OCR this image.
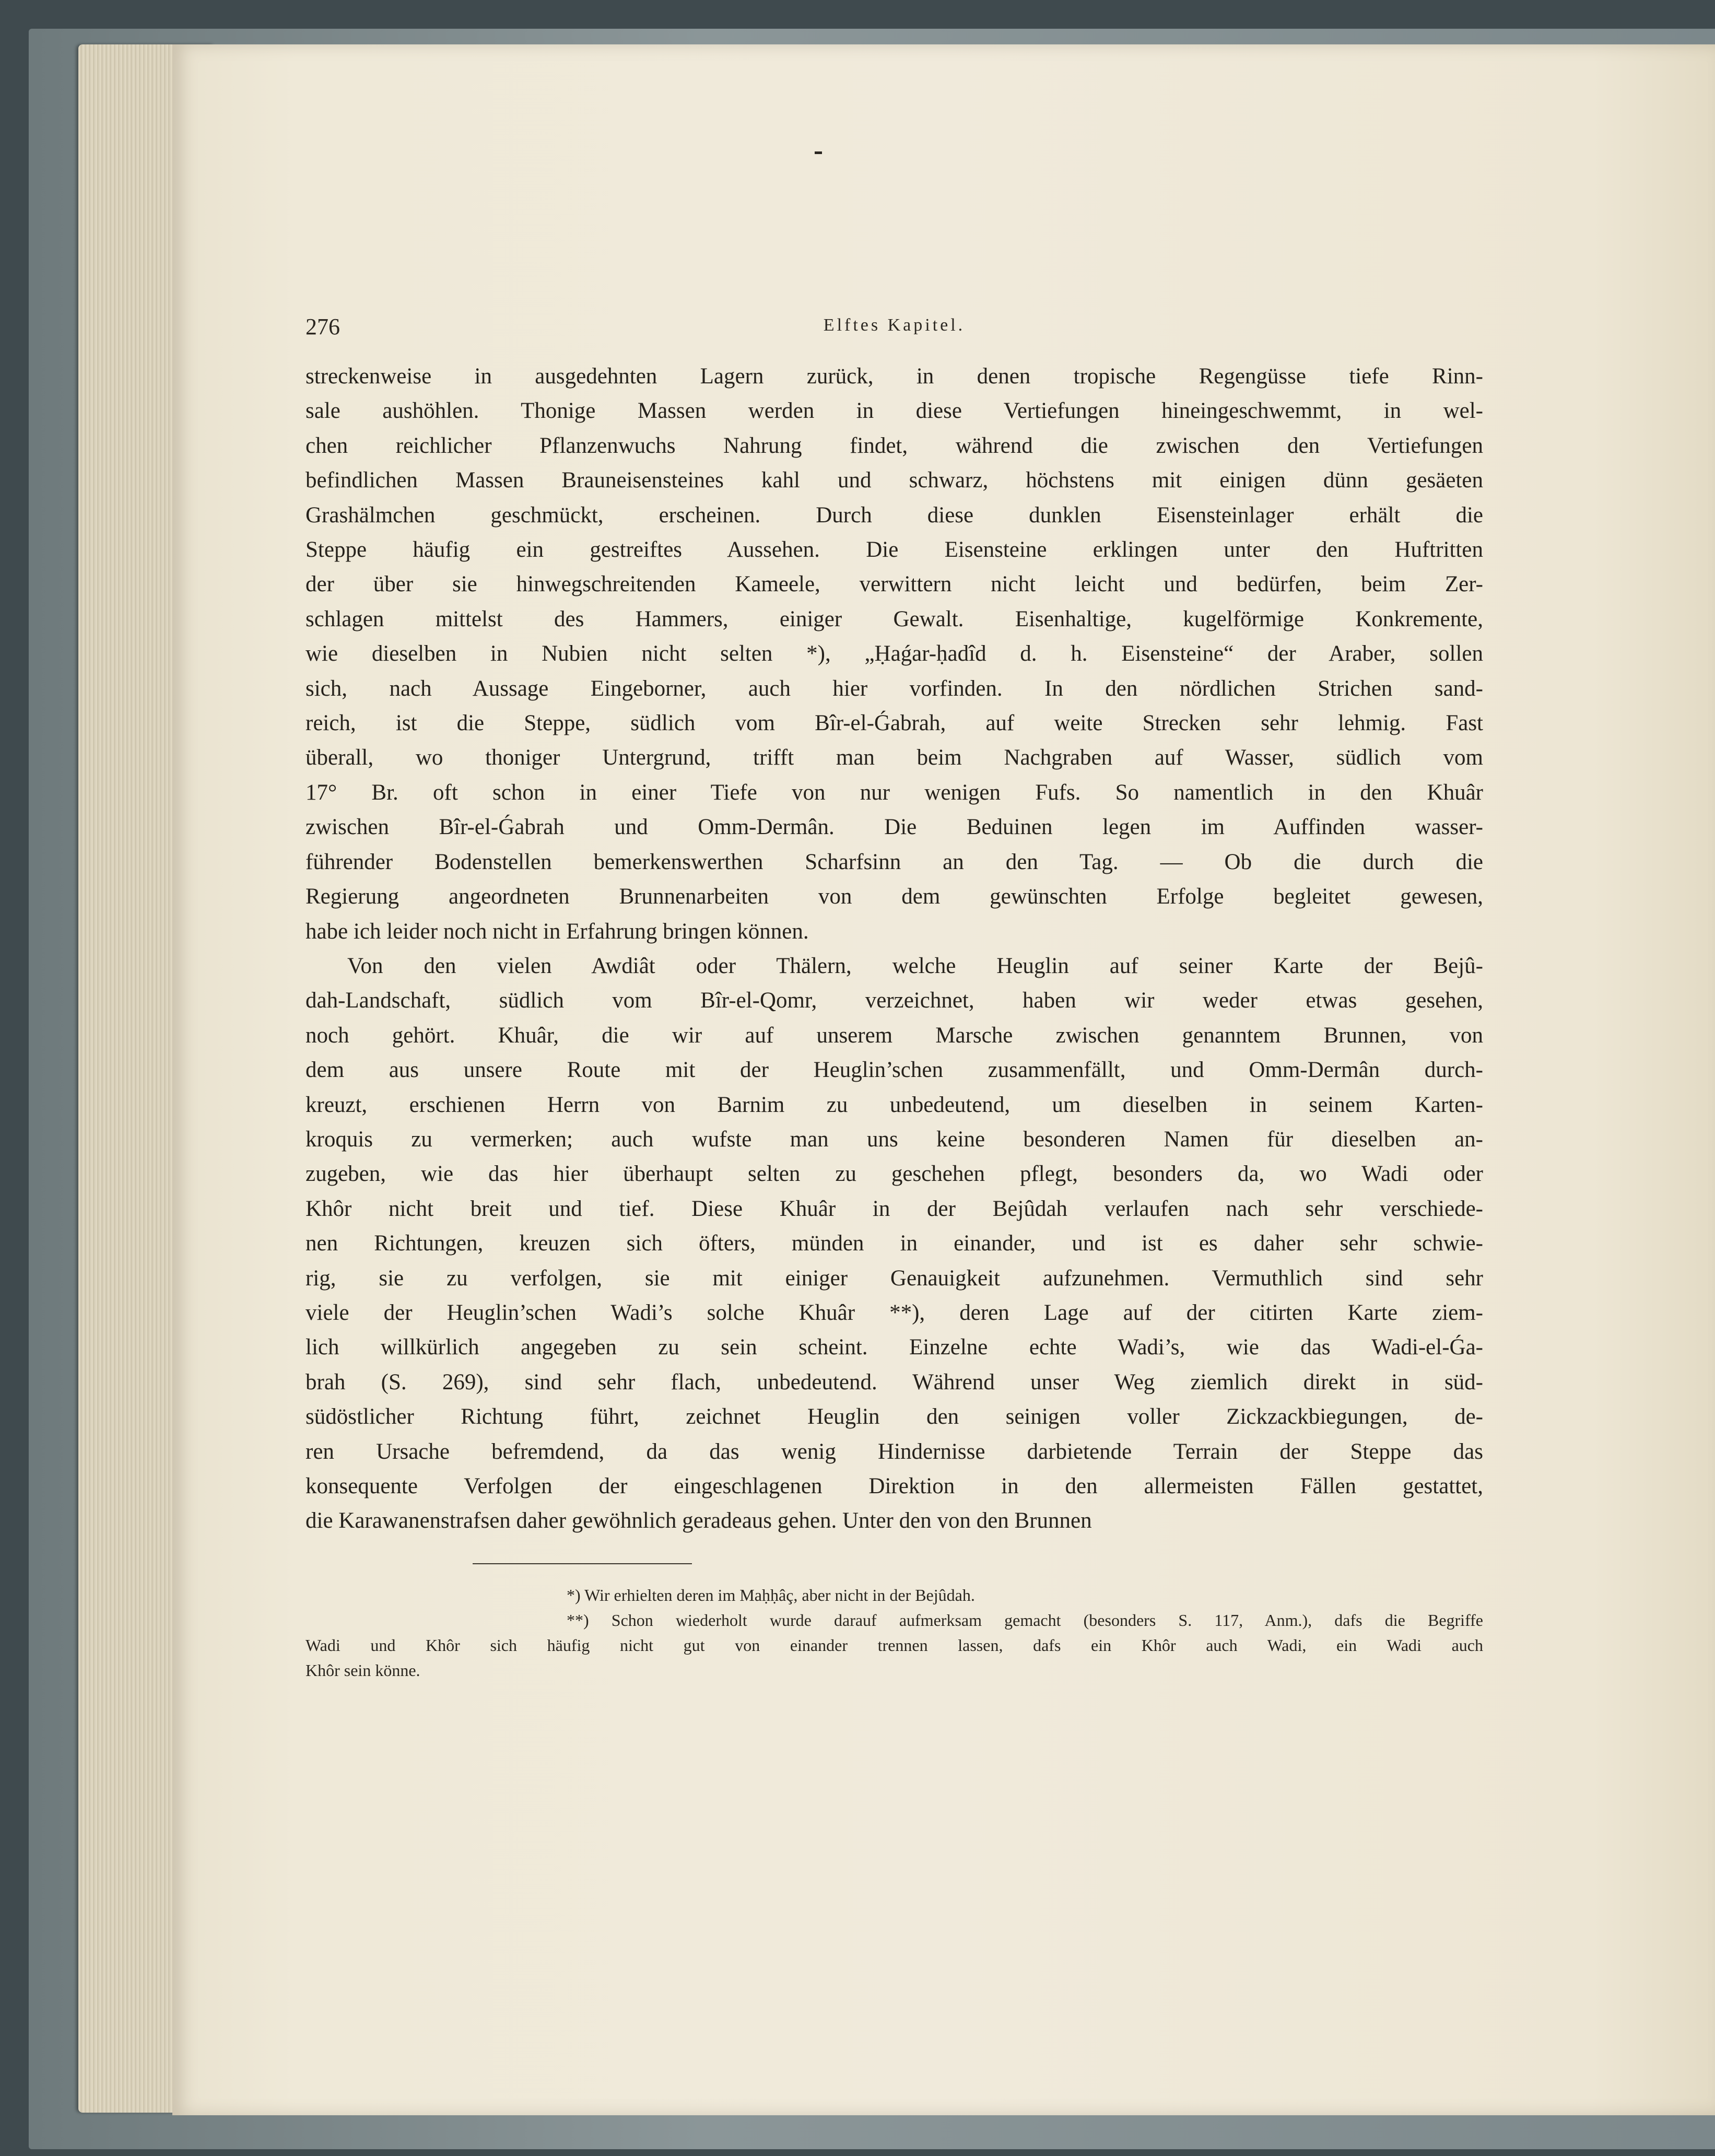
276	Elftes Kapitel.

streckenweise in ausgedehnten Lagern zurück, in denen tropische Regengüsse tiefe Rinn-
sale aushöhlen. Thonige Massen werden in diese Vertiefungen hineingeschwemmt, in wel-
chen reichlicher Pflanzenwuchs Nahrung findet, während die zwischen den Vertiefungen
befindlichen Massen Brauneisensteines kahl und schwarz, höchstens mit einigen dünn gesäeten
Grashälmchen geschmückt, erscheinen. Durch diese dunklen Eisensteinlager erhält die
Steppe häufig ein gestreiftes Aussehen. Die Eisensteine erklingen unter den Huftritten
der über sie hinwegschreitenden Kameele, verwittern nicht leicht und bedürfen, beim Zer-
schlagen mittelst des Hammers, einiger Gewalt. Eisenhaltige, kugelförmige Konkremente,
wie dieselben in Nubien nicht selten *), „Ḥaǵar-ḥadîd d. h. Eisensteine“ der Araber, sollen
sich, nach Aussage Eingeborner, auch hier vorfinden. In den nördlichen Strichen sand-
reich, ist die Steppe, südlich vom Bîr-el-Ǵabrah, auf weite Strecken sehr lehmig. Fast
überall, wo thoniger Untergrund, trifft man beim Nachgraben auf Wasser, südlich vom
17° Br. oft schon in einer Tiefe von nur wenigen Fufs. So namentlich in den Khuâr
zwischen Bîr-el-Ǵabrah und Omm-Dermân. Die Beduinen legen im Auffinden wasser-
führender Bodenstellen bemerkenswerthen Scharfsinn an den Tag. — Ob die durch die
Regierung angeordneten Brunnenarbeiten von dem gewünschten Erfolge begleitet gewesen,
habe ich leider noch nicht in Erfahrung bringen können.

Von den vielen Awdiât oder Thälern, welche Heuglin auf seiner Karte der Bejû-
dah-Landschaft, südlich vom Bîr-el-Qomr, verzeichnet, haben wir weder etwas gesehen,
noch gehört. Khuâr, die wir auf unserem Marsche zwischen genanntem Brunnen, von
dem aus unsere Route mit der Heuglin’schen zusammenfällt, und Omm-Dermân durch-
kreuzt, erschienen Herrn von Barnim zu unbedeutend, um dieselben in seinem Karten-
kroquis zu vermerken; auch wufste man uns keine besonderen Namen für dieselben an-
zugeben, wie das hier überhaupt selten zu geschehen pflegt, besonders da, wo Wadi oder
Khôr nicht breit und tief. Diese Khuâr in der Bejûdah verlaufen nach sehr verschiede-
nen Richtungen, kreuzen sich öfters, münden in einander, und ist es daher sehr schwie-
rig, sie zu verfolgen, sie mit einiger Genauigkeit aufzunehmen. Vermuthlich sind sehr
viele der Heuglin’schen Wadi’s solche Khuâr **), deren Lage auf der citirten Karte ziem-
lich willkürlich angegeben zu sein scheint. Einzelne echte Wadi’s, wie das Wadi-el-Ǵa-
brah (S. 269), sind sehr flach, unbedeutend. Während unser Weg ziemlich direkt in süd-
südöstlicher Richtung führt, zeichnet Heuglin den seinigen voller Zickzackbiegungen, de-
ren Ursache befremdend, da das wenig Hindernisse darbietende Terrain der Steppe das
konsequente Verfolgen der eingeschlagenen Direktion in den allermeisten Fällen gestattet,
die Karawanenstrafsen daher gewöhnlich geradeaus gehen. Unter den von den Brunnen

*) Wir erhielten deren im Maḥḥâç, aber nicht in der Bejûdah.
**) Schon wiederholt wurde darauf aufmerksam gemacht (besonders S. 117, Anm.), dafs die Begriffe
Wadi und Khôr sich häufig nicht gut von einander trennen lassen, dafs ein Khôr auch Wadi, ein Wadi auch
Khôr sein könne.
